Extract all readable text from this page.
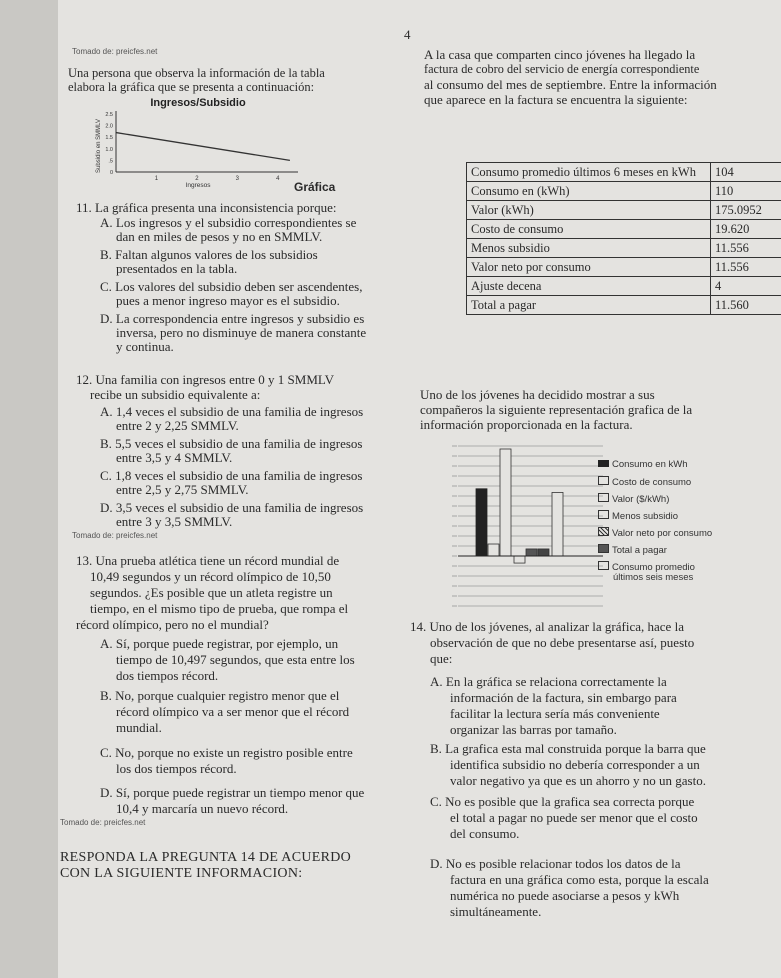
4
Tomado de: preicfes.net
Una persona que observa la información de la tabla
elabora la gráfica que se presenta a continuación:
Ingresos/Subsidio
Subsidio en SMMLV
2.5
2.0
1.5
1.0
.5
0
1	2	3	4
Ingresos	Gráfica
11. La gráfica presenta una inconsistencia porque:
A. Los ingresos y el subsidio correspondientes se
dan en miles de pesos y no en SMMLV.
B. Faltan algunos valores de los subsidios
presentados en la tabla.
C. Los valores del subsidio deben ser ascendentes,
pues a menor ingreso mayor es el subsidio.
D. La correspondencia entre ingresos y subsidio es
inversa, pero no disminuye de manera constante
y continua.
12. Una familia con ingresos entre 0 y 1 SMMLV
recibe un subsidio equivalente a:
A. 1,4 veces el subsidio de una familia de ingresos
entre 2 y 2,25 SMMLV.
B. 5,5 veces el subsidio de una familia de ingresos
entre 3,5 y 4 SMMLV.
C. 1,8 veces el subsidio de una familia de ingresos
entre 2,5 y 2,75 SMMLV.
D. 3,5 veces el subsidio de una familia de ingresos
entre 3 y 3,5 SMMLV.
Tomado de: preicfes.net
13. Una prueba atlética tiene un récord mundial de
10,49 segundos y un récord olímpico de 10,50
segundos. ¿Es posible que un atleta registre un
tiempo, en el mismo tipo de prueba, que rompa el
récord olímpico, pero no el mundial?
A. Sí, porque puede registrar, por ejemplo, un
tiempo de 10,497 segundos, que esta entre los
dos tiempos récord.
B. No, porque cualquier registro menor que el
récord olímpico va a ser menor que el récord
mundial.
C. No, porque no existe un registro posible entre
los dos tiempos récord.
D. Sí, porque puede registrar un tiempo menor que
10,4 y marcaría un nuevo récord.
Tomado de: preicfes.net
RESPONDA LA PREGUNTA 14 DE ACUERDO
CON LA SIGUIENTE INFORMACION:
A la casa que comparten cinco jóvenes ha llegado la
factura de cobro del servicio de energía correspondiente
al consumo del mes de septiembre. Entre la información
que aparece en la factura se encuentra la siguiente:
Consumo promedio últimos 6 meses en kWh	104
Consumo en (kWh)	110
Valor (kWh)	175.0952
Costo de consumo	19.620
Menos subsidio	11.556
Valor neto por consumo	11.556
Ajuste decena	4
Total a pagar	11.560
Uno de los jóvenes ha decidido mostrar a sus
compañeros la siguiente representación grafica de la
información proporcionada en la factura.
Consumo en kWh
Costo de consumo
Valor ($/kWh)
Menos subsidio
Valor neto por consumo
Total a pagar
Consumo promedio
últimos seis meses
14. Uno de los jóvenes, al analizar la gráfica, hace la
observación de que no debe presentarse así, puesto
que:
A. En la gráfica se relaciona correctamente la
información de la factura, sin embargo para
facilitar la lectura sería más conveniente
organizar las barras por tamaño.
B. La grafica esta mal construida porque la barra que
identifica subsidio no debería corresponder a un
valor negativo ya que es un ahorro y no un gasto.
C. No es posible que la grafica sea correcta porque
el total a pagar no puede ser menor que el costo
del consumo.
D. No es posible relacionar todos los datos de la
factura en una gráfica como esta, porque la escala
numérica no puede asociarse a pesos y kWh
simultáneamente.
